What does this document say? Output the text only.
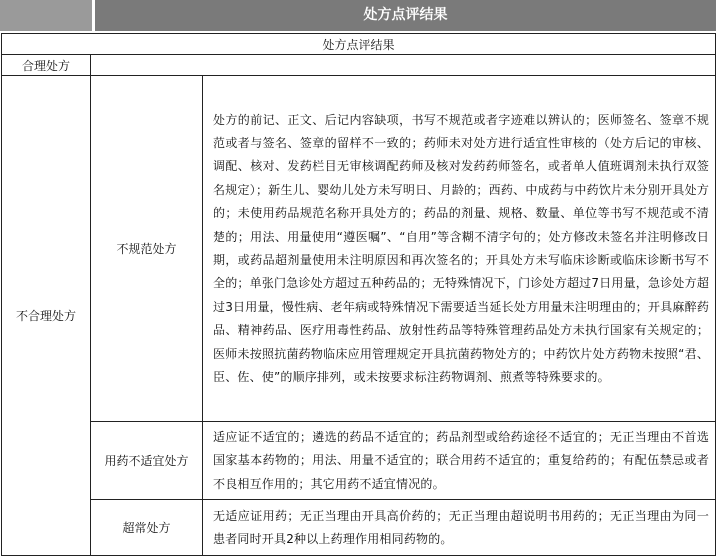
处方点评结果
处方点评结果		
合理处方		
不合理处方	不规范处方	处方的前记、正文、后记内容缺项，书写不规范或者字迹难以辨认的；医师签名、签章不规范或者与签名、签章的留样不一致的；药师未对处方进行适宜性审核的（处方后记的审核、调配、核对、发药栏目无审核调配药师及核对发药药师签名，或者单人值班调剂未执行双签名规定）；新生儿、婴幼儿处方未写明日、月龄的；西药、中成药与中药饮片未分别开具处方的；未使用药品规范名称开具处方的；药品的剂量、规格、数量、单位等书写不规范或不清楚的；用法、用量使用“遵医嘱”、“自用”等含糊不清字句的；处方修改未签名并注明修改日期，或药品超剂量使用未注明原因和再次签名的；开具处方未写临床诊断或临床诊断书写不全的；单张门急诊处方超过五种药品的；无特殊情况下，门诊处方超过7日用量，急诊处方超过3日用量，慢性病、老年病或特殊情况下需要适当延长处方用量未注明理由的；开具麻醉药品、精神药品、医疗用毒性药品、放射性药品等特殊管理药品处方未执行国家有关规定的；医师未按照抗菌药物临床应用管理规定开具抗菌药物处方的；中药饮片处方药物未按照“君、臣、佐、使”的顺序排列，或未按要求标注药物调剂、煎煮等特殊要求的。
	用药不适宜处方	适应证不适宜的；遴选的药品不适宜的；药品剂型或给药途径不适宜的；无正当理由不首选国家基本药物的；用法、用量不适宜的；联合用药不适宜的；重复给药的；有配伍禁忌或者不良相互作用的；其它用药不适宜情况的。
	超常处方	无适应证用药；无正当理由开具高价药的；无正当理由超说明书用药的；无正当理由为同一患者同时开具2种以上药理作用相同药物的。
